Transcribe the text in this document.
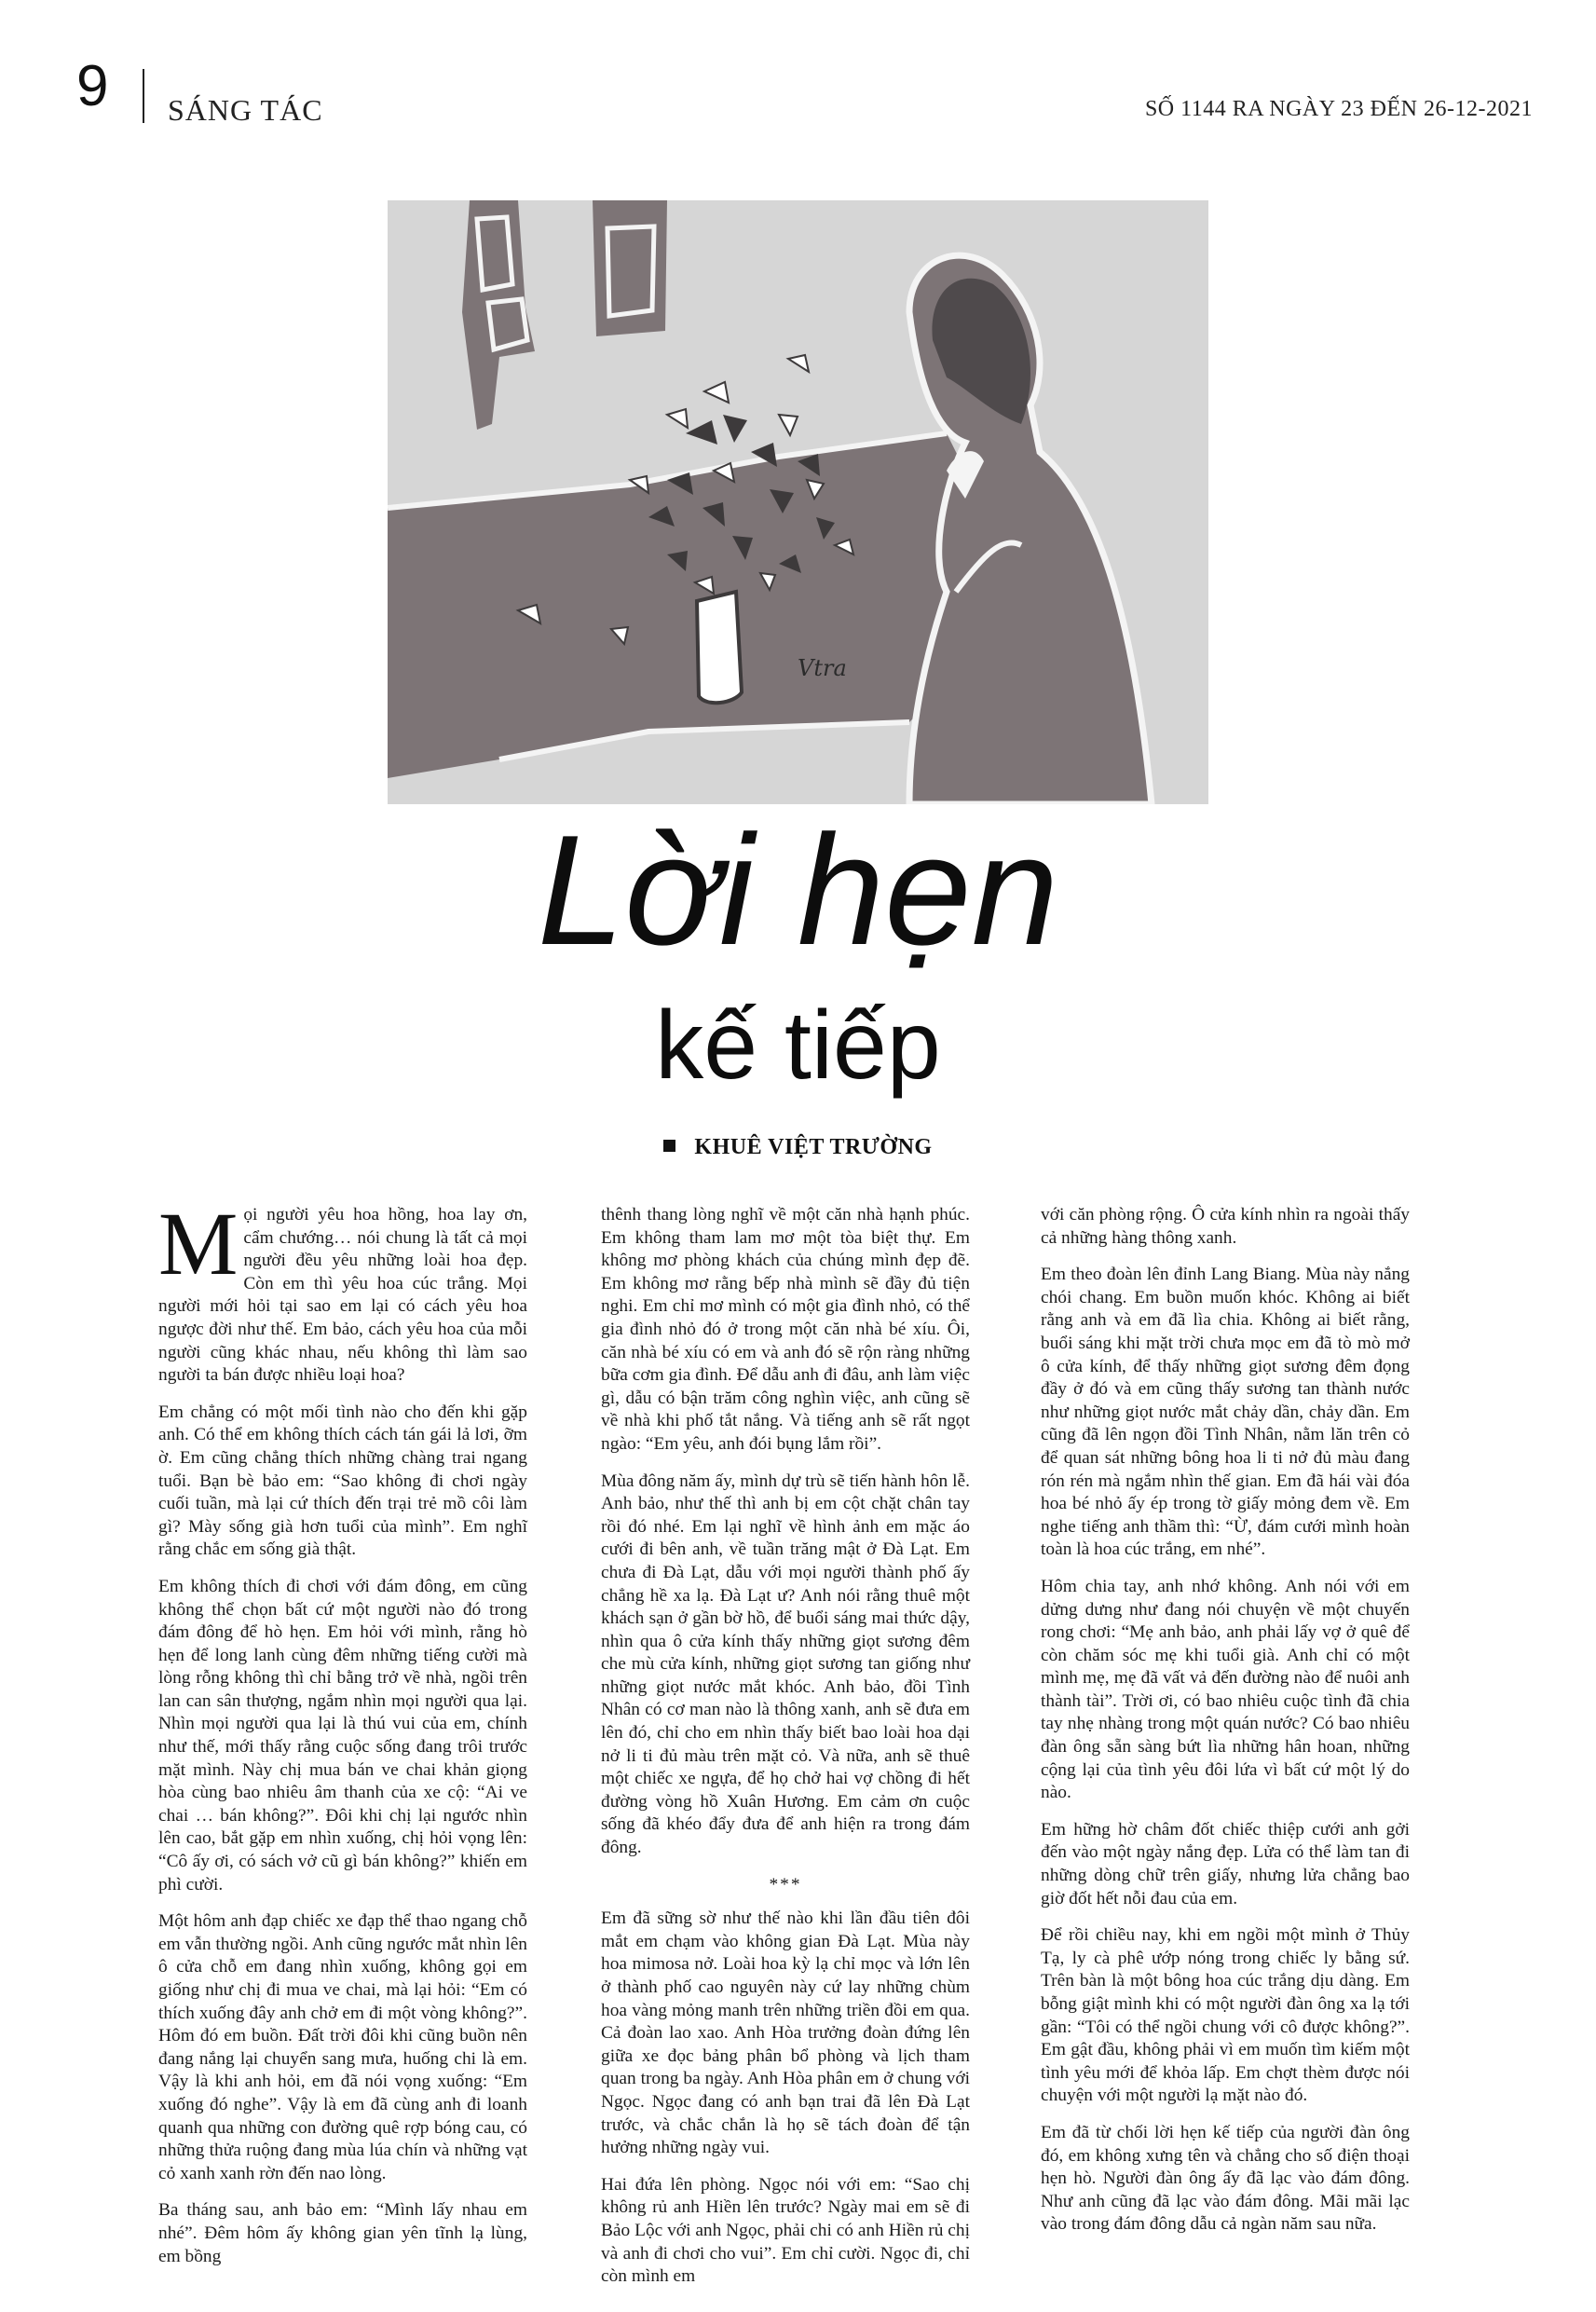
9 SÁNG TÁC	SỐ 1144 RA NGÀY 23 ĐẾN 26-12-2021
Vtra
Lời hẹn
kế tiếp
KHUÊ VIỆT TRƯỜNG

Mọi người yêu hoa hồng, hoa lay ơn, cẩm chướng… nói chung là tất cả mọi người đều yêu những loài hoa đẹp. Còn em thì yêu hoa cúc trắng. Mọi người mới hỏi tại sao em lại có cách yêu hoa ngược đời như thế. Em bảo, cách yêu hoa của mỗi người cũng khác nhau, nếu không thì làm sao người ta bán được nhiều loại hoa?

Em chẳng có một mối tình nào cho đến khi gặp anh. Có thể em không thích cách tán gái lả lơi, ỡm ờ. Em cũng chẳng thích những chàng trai ngang tuổi. Bạn bè bảo em: “Sao không đi chơi ngày cuối tuần, mà lại cứ thích đến trại trẻ mồ côi làm gì? Mày sống già hơn tuổi của mình”. Em nghĩ rằng chắc em sống già thật.

Em không thích đi chơi với đám đông, em cũng không thể chọn bất cứ một người nào đó trong đám đông để hò hẹn. Em hỏi với mình, rằng hò hẹn để long lanh cùng đêm những tiếng cười mà lòng rỗng không thì chỉ bằng trở về nhà, ngồi trên lan can sân thượng, ngắm nhìn mọi người qua lại. Nhìn mọi người qua lại là thú vui của em, chính như thế, mới thấy rằng cuộc sống đang trôi trước mặt mình. Này chị mua bán ve chai khản giọng hòa cùng bao nhiêu âm thanh của xe cộ: “Ai ve chai … bán không?”. Đôi khi chị lại ngước nhìn lên cao, bắt gặp em nhìn xuống, chị hỏi vọng lên: “Cô ấy ơi, có sách vở cũ gì bán không?” khiến em phì cười.

Một hôm anh đạp chiếc xe đạp thể thao ngang chỗ em vẫn thường ngồi. Anh cũng ngước mắt nhìn lên ô cửa chỗ em đang nhìn xuống, không gọi em giống như chị đi mua ve chai, mà lại hỏi: “Em có thích xuống đây anh chở em đi một vòng không?”. Hôm đó em buồn. Đất trời đôi khi cũng buồn nên đang nắng lại chuyển sang mưa, huống chi là em. Vậy là khi anh hỏi, em đã nói vọng xuống: “Em xuống đó nghe”. Vậy là em đã cùng anh đi loanh quanh qua những con đường quê rợp bóng cau, có những thửa ruộng đang mùa lúa chín và những vạt cỏ xanh xanh rờn đến nao lòng.

Ba tháng sau, anh bảo em: “Mình lấy nhau em nhé”. Đêm hôm ấy không gian yên tĩnh lạ lùng, em bồng

thênh thang lòng nghĩ về một căn nhà hạnh phúc. Em không tham lam mơ một tòa biệt thự. Em không mơ phòng khách của chúng mình đẹp đẽ. Em không mơ rằng bếp nhà mình sẽ đầy đủ tiện nghi. Em chỉ mơ mình có một gia đình nhỏ, có thể gia đình nhỏ đó ở trong một căn nhà bé xíu. Ôi, căn nhà bé xíu có em và anh đó sẽ rộn ràng những bữa cơm gia đình. Để dẫu anh đi đâu, anh làm việc gì, dẫu có bận trăm công nghìn việc, anh cũng sẽ về nhà khi phố tắt nắng. Và tiếng anh sẽ rất ngọt ngào: “Em yêu, anh đói bụng lắm rồi”.

Mùa đông năm ấy, mình dự trù sẽ tiến hành hôn lễ. Anh bảo, như thế thì anh bị em cột chặt chân tay rồi đó nhé. Em lại nghĩ về hình ảnh em mặc áo cưới đi bên anh, về tuần trăng mật ở Đà Lạt. Em chưa đi Đà Lạt, dẫu với mọi người thành phố ấy chẳng hề xa lạ. Đà Lạt ư? Anh nói rằng thuê một khách sạn ở gần bờ hồ, để buổi sáng mai thức dậy, nhìn qua ô cửa kính thấy những giọt sương đêm che mù cửa kính, những giọt sương tan giống như những giọt nước mắt khóc. Anh bảo, đồi Tình Nhân có cơ man nào là thông xanh, anh sẽ đưa em lên đó, chỉ cho em nhìn thấy biết bao loài hoa dại nở li ti đủ màu trên mặt cỏ. Và nữa, anh sẽ thuê một chiếc xe ngựa, để họ chở hai vợ chồng đi hết đường vòng hồ Xuân Hương. Em cảm ơn cuộc sống đã khéo đẩy đưa để anh hiện ra trong đám đông.

***

Em đã sững sờ như thế nào khi lần đầu tiên đôi mắt em chạm vào không gian Đà Lạt. Mùa này hoa mimosa nở. Loài hoa kỳ lạ chỉ mọc và lớn lên ở thành phố cao nguyên này cứ lay những chùm hoa vàng mỏng manh trên những triền đồi em qua. Cả đoàn lao xao. Anh Hòa trưởng đoàn đứng lên giữa xe đọc bảng phân bổ phòng và lịch tham quan trong ba ngày. Anh Hòa phân em ở chung với Ngọc. Ngọc đang có anh bạn trai đã lên Đà Lạt trước, và chắc chắn là họ sẽ tách đoàn để tận hưởng những ngày vui.

Hai đứa lên phòng. Ngọc nói với em: “Sao chị không rủ anh Hiền lên trước? Ngày mai em sẽ đi Bảo Lộc với anh Ngọc, phải chi có anh Hiền rủ chị và anh đi chơi cho vui”. Em chỉ cười. Ngọc đi, chỉ còn mình em

với căn phòng rộng. Ô cửa kính nhìn ra ngoài thấy cả những hàng thông xanh.

Em theo đoàn lên đỉnh Lang Biang. Mùa này nắng chói chang. Em buồn muốn khóc. Không ai biết rằng anh và em đã lìa chia. Không ai biết rằng, buổi sáng khi mặt trời chưa mọc em đã tò mò mở ô cửa kính, để thấy những giọt sương đêm đọng đầy ở đó và em cũng thấy sương tan thành nước như những giọt nước mắt chảy dần, chảy dần. Em cũng đã lên ngọn đồi Tình Nhân, nằm lăn trên cỏ để quan sát những bông hoa li ti nở đủ màu đang rón rén mà ngắm nhìn thế gian. Em đã hái vài đóa hoa bé nhỏ ấy ép trong tờ giấy mỏng đem về. Em nghe tiếng anh thầm thì: “Ừ, đám cưới mình hoàn toàn là hoa cúc trắng, em nhé”.

Hôm chia tay, anh nhớ không. Anh nói với em dửng dưng như đang nói chuyện về một chuyến rong chơi: “Mẹ anh bảo, anh phải lấy vợ ở quê để còn chăm sóc mẹ khi tuổi già. Anh chỉ có một mình mẹ, mẹ đã vất vả đến đường nào để nuôi anh thành tài”. Trời ơi, có bao nhiêu cuộc tình đã chia tay nhẹ nhàng trong một quán nước? Có bao nhiêu đàn ông sẵn sàng bứt lìa những hân hoan, những cộng lại của tình yêu đôi lứa vì bất cứ một lý do nào.

Em hững hờ châm đốt chiếc thiệp cưới anh gởi đến vào một ngày nắng đẹp. Lửa có thể làm tan đi những dòng chữ trên giấy, nhưng lửa chẳng bao giờ đốt hết nỗi đau của em.

Để rồi chiều nay, khi em ngồi một mình ở Thủy Tạ, ly cà phê ướp nóng trong chiếc ly bằng sứ. Trên bàn là một bông hoa cúc trắng dịu dàng. Em bỗng giật mình khi có một người đàn ông xa lạ tới gần: “Tôi có thể ngồi chung với cô được không?”. Em gật đầu, không phải vì em muốn tìm kiếm một tình yêu mới để khỏa lấp. Em chợt thèm được nói chuyện với một người lạ mặt nào đó.

Em đã từ chối lời hẹn kế tiếp của người đàn ông đó, em không xưng tên và chẳng cho số điện thoại hẹn hò. Người đàn ông ấy đã lạc vào đám đông. Như anh cũng đã lạc vào đám đông. Mãi mãi lạc vào trong đám đông dẫu cả ngàn năm sau nữa.
